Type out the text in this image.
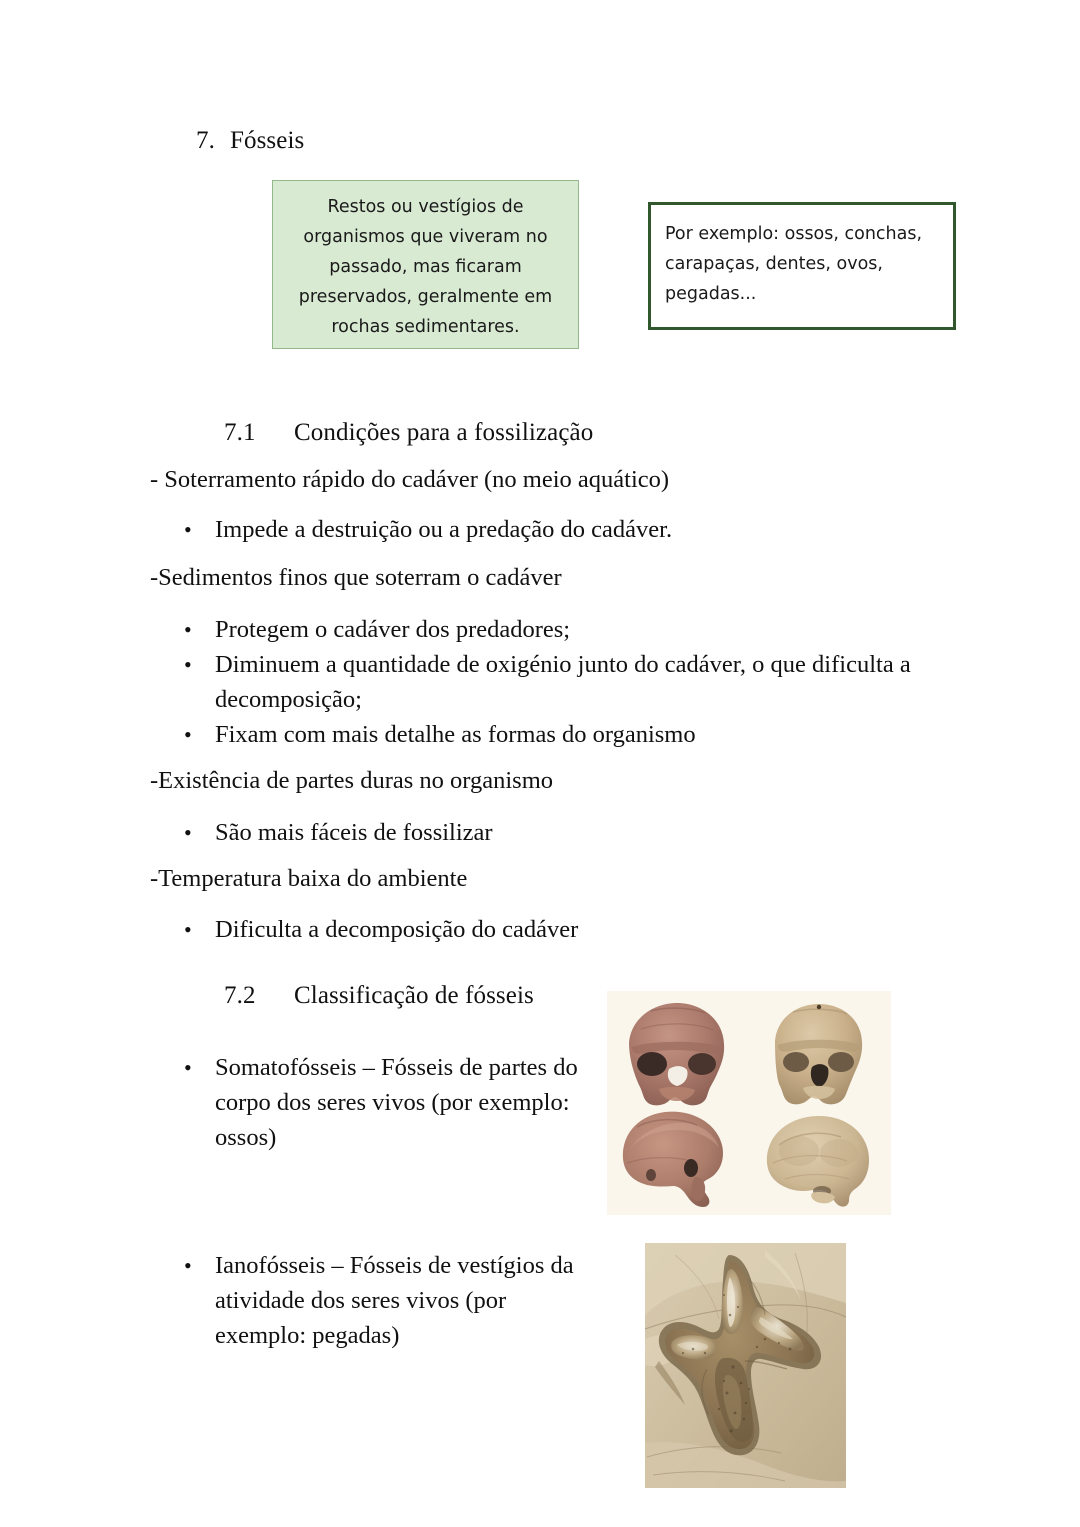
7. Fósseis
Restos ou vestígios de organismos que viveram no passado, mas ficaram preservados, geralmente em rochas sedimentares.
Por exemplo: ossos, conchas, carapaças, dentes, ovos, pegadas...
7.1 Condições para a fossilização
- Soterramento rápido do cadáver (no meio aquático)
• Impede a destruição ou a predação do cadáver.
-Sedimentos finos que soterram o cadáver
• Protegem o cadáver dos predadores;
• Diminuem a quantidade de oxigénio junto do cadáver, o que dificulta a decomposição;
• Fixam com mais detalhe as formas do organismo
-Existência de partes duras no organismo
• São mais fáceis de fossilizar
-Temperatura baixa do ambiente
• Dificulta a decomposição do cadáver
7.2 Classificação de fósseis
• Somatofósseis – Fósseis de partes do corpo dos seres vivos (por exemplo: ossos)
• Ianofósseis – Fósseis de vestígios da atividade dos seres vivos (por exemplo: pegadas)
